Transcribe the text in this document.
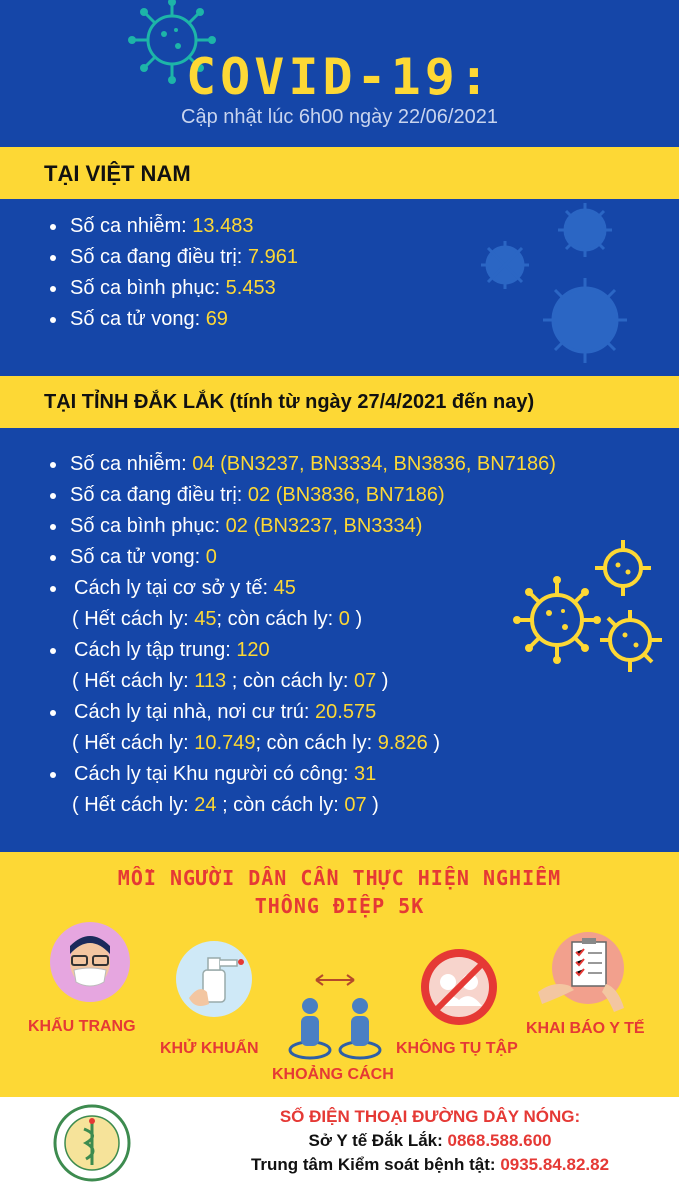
COVID-19:
Cập nhật lúc 6h00 ngày 22/06/2021
TẠI VIỆT NAM
Số ca nhiễm: 13.483
Số ca đang điều trị: 7.961
Số ca bình phục: 5.453
Số ca tử vong: 69
TẠI TỈNH ĐẮK LẮK (tính từ ngày 27/4/2021 đến nay)
Số ca nhiễm: 04 (BN3237, BN3334, BN3836, BN7186)
Số ca đang điều trị: 02 (BN3836, BN7186)
Số ca bình phục: 02 (BN3237, BN3334)
Số ca tử vong: 0
Cách ly tại cơ sở y tế: 45
( Hết cách ly: 45; còn cách ly: 0 )
Cách ly tập trung: 120
( Hết cách ly: 113 ; còn cách ly: 07 )
Cách ly tại nhà, nơi cư trú: 20.575
( Hết cách ly: 10.749; còn cách ly: 9.826 )
Cách ly tại Khu người có công: 31
( Hết cách ly: 24 ; còn cách ly: 07 )
MỖI NGƯỜI DÂN CẦN THỰC HIỆN NGHIÊM
THÔNG ĐIỆP 5K
KHẨU TRANG
KHỬ KHUẨN
KHOẢNG CÁCH
KHÔNG TỤ TẬP
KHAI BÁO Y TẾ
SỐ ĐIỆN THOẠI ĐƯỜNG DÂY NÓNG:
Sở Y tế Đắk Lắk: 0868.588.600
Trung tâm Kiểm soát bệnh tật: 0935.84.82.82
